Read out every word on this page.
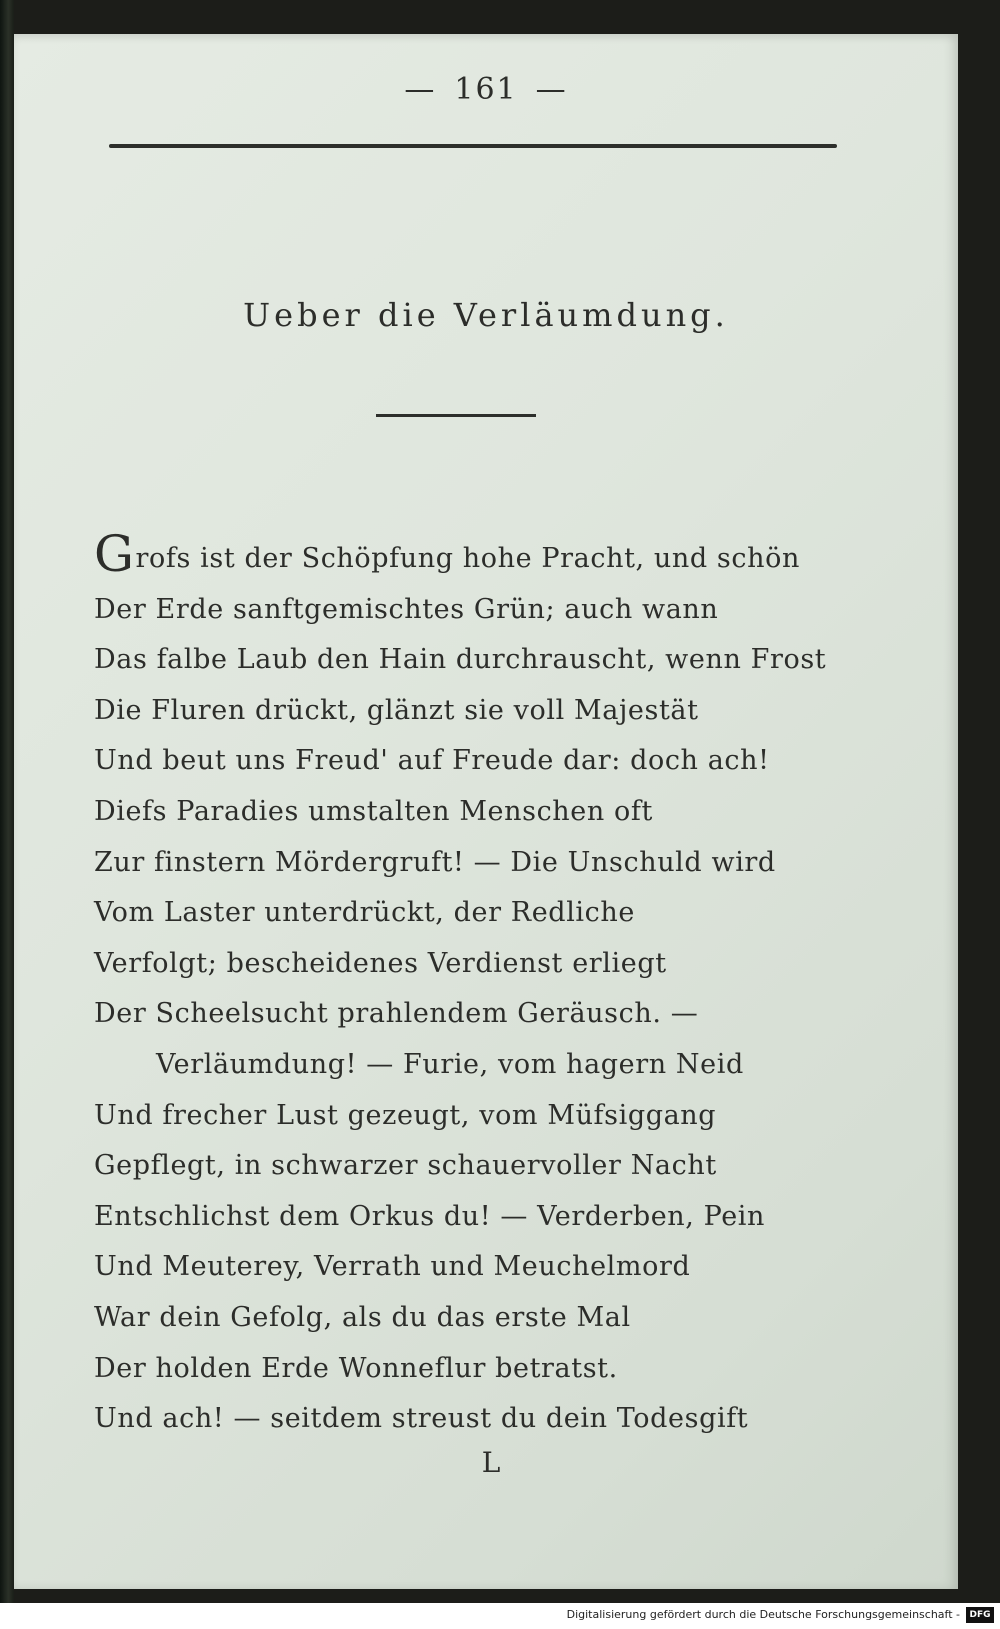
— 161 —
Ueber die Verläumdung.
Grofs ist der Schöpfung hohe Pracht, und schön
Der Erde sanftgemischtes Grün; auch wann
Das falbe Laub den Hain durchrauscht, wenn Frost
Die Fluren drückt, glänzt sie voll Majestät
Und beut uns Freud' auf Freude dar: doch ach!
Diefs Paradies umstalten Menschen oft
Zur finstern Mördergruft! — Die Unschuld wird
Vom Laster unterdrückt, der Redliche
Verfolgt; bescheidenes Verdienst erliegt
Der Scheelsucht prahlendem Geräusch. —
Verläumdung! — Furie, vom hagern Neid
Und frecher Lust gezeugt, vom Müfsiggang
Gepflegt, in schwarzer schauervoller Nacht
Entschlichst dem Orkus du! — Verderben, Pein
Und Meuterey, Verrath und Meuchelmord
War dein Gefolg, als du das erste Mal
Der holden Erde Wonneflur betratst.
Und ach! — seitdem streust du dein Todesgift
L
Digitalisierung gefördert durch die Deutsche Forschungsgemeinschaft -	DFG
